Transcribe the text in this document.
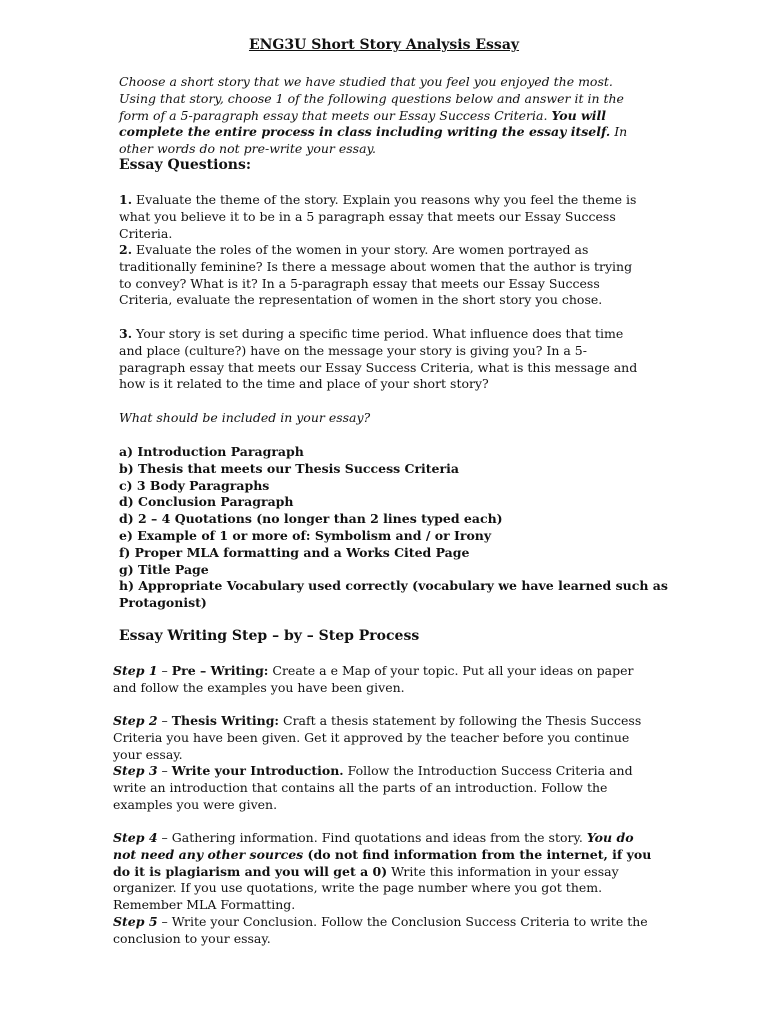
ENG3U Short Story Analysis Essay
Choose a short story that we have studied that you feel you enjoyed the most. Using that story, choose 1 of the following questions below and answer it in the form of a 5-paragraph essay that meets our Essay Success Criteria. You will complete the entire process in class including writing the essay itself. In other words do not pre-write your essay.
Essay Questions:
1. Evaluate the theme of the story. Explain you reasons why you feel the theme is what you believe it to be in a 5 paragraph essay that meets our Essay Success Criteria.
2. Evaluate the roles of the women in your story. Are women portrayed as traditionally feminine? Is there a message about women that the author is trying to convey? What is it? In a 5-paragraph essay that meets our Essay Success Criteria, evaluate the representation of women in the short story you chose.
3. Your story is set during a specific time period. What influence does that time and place (culture?) have on the message your story is giving you? In a 5-paragraph essay that meets our Essay Success Criteria, what is this message and how is it related to the time and place of your short story?
What should be included in your essay?
a) Introduction Paragraph
b) Thesis that meets our Thesis Success Criteria
c) 3 Body Paragraphs
d) Conclusion Paragraph
d) 2 – 4 Quotations (no longer than 2 lines typed each)
e) Example of 1 or more of: Symbolism and / or Irony
f) Proper MLA formatting and a Works Cited Page
g) Title Page
h) Appropriate Vocabulary used correctly (vocabulary we have learned such as
Protagonist)
Essay Writing Step – by – Step Process
Step 1 – Pre – Writing: Create a e Map of your topic. Put all your ideas on paper and follow the examples you have been given.
Step 2 – Thesis Writing: Craft a thesis statement by following the Thesis Success Criteria you have been given. Get it approved by the teacher before you continue your essay.
Step 3 – Write your Introduction. Follow the Introduction Success Criteria and write an introduction that contains all the parts of an introduction. Follow the examples you were given.
Step 4 – Gathering information. Find quotations and ideas from the story. You do not need any other sources (do not find information from the internet, if you do it is plagiarism and you will get a 0) Write this information in your essay organizer. If you use quotations, write the page number where you got them. Remember MLA Formatting.
Step 5 – Write your Conclusion. Follow the Conclusion Success Criteria to write the conclusion to your essay.
